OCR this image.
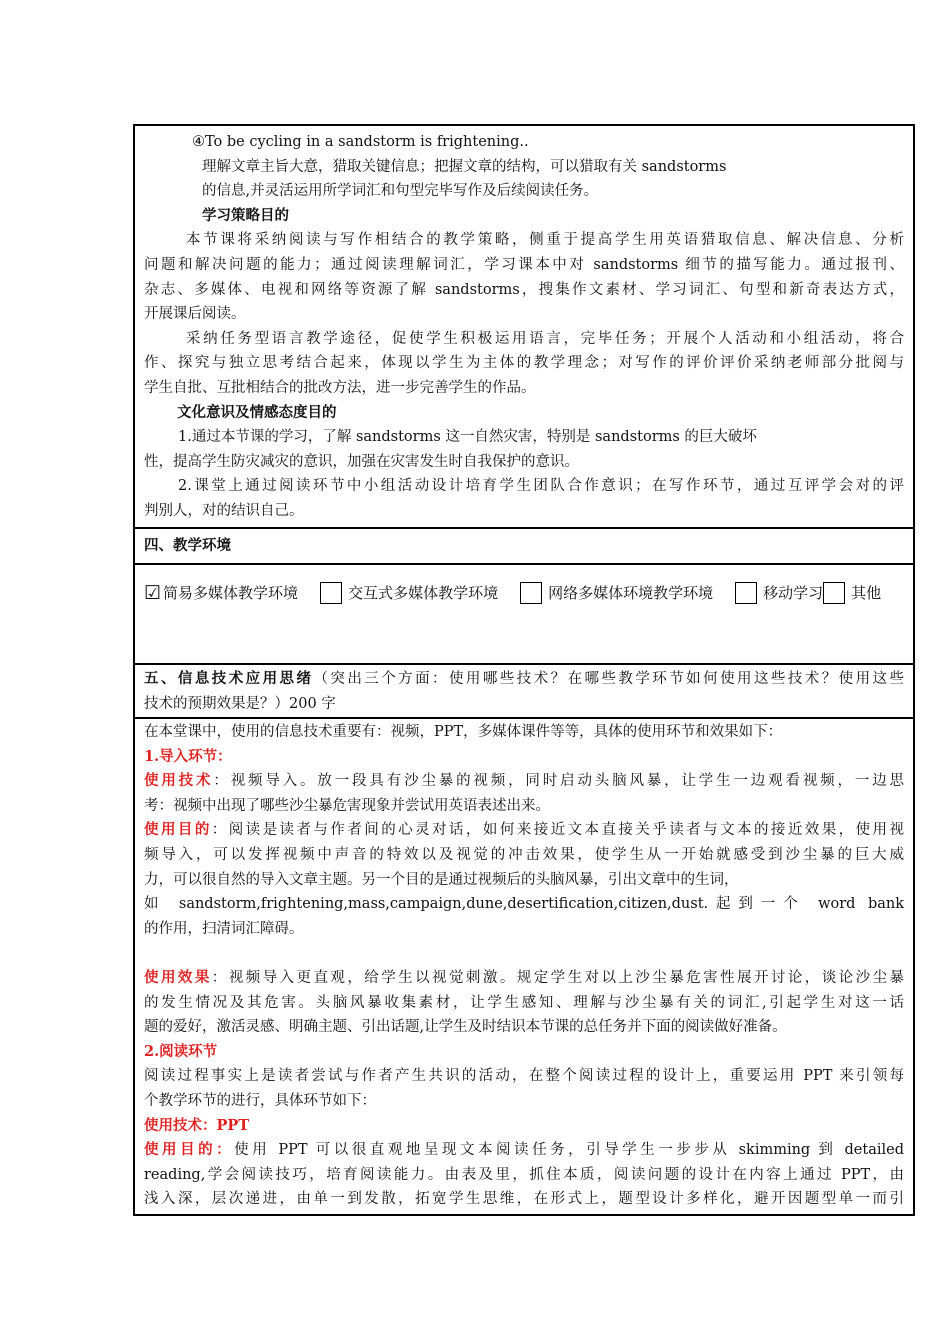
④To be cycling in a sandstorm is frightening..
理解文章主旨大意，猎取关键信息；把握文章的结构，可以猎取有关 sandstorms
的信息,并灵活运用所学词汇和句型完毕写作及后续阅读任务。
学习策略目的
本节课将采纳阅读与写作相结合的教学策略，侧重于提高学生用英语猎取信息、解决信息、分析
问题和解决问题的能力；通过阅读理解词汇，学习课本中对 sandstorms 细节的描写能力。通过报刊、
杂志、多媒体、电视和网络等资源了解 sandstorms，搜集作文素材、学习词汇、句型和新奇表达方式，
开展课后阅读。
采纳任务型语言教学途径，促使学生积极运用语言，完毕任务；开展个人活动和小组活动，将合
作、探究与独立思考结合起来，体现以学生为主体的教学理念；对写作的评价评价采纳老师部分批阅与
学生自批、互批相结合的批改方法，进一步完善学生的作品。
文化意识及情感态度目的
1.通过本节课的学习，了解 sandstorms 这一自然灾害，特别是 sandstorms 的巨大破坏
性，提高学生防灾减灾的意识，加强在灾害发生时自我保护的意识。
2.课堂上通过阅读环节中小组活动设计培育学生团队合作意识；在写作环节，通过互评学会对的评
判别人，对的结识自己。
四、教学环境
☑ 简易多媒体教学环境	交互式多媒体教学环境	网络多媒体环境教学环境	移动学习 其他
五、信息技术应用思绪（突出三个方面：使用哪些技术？在哪些教学环节如何使用这些技术？使用这些
技术的预期效果是？）200 字
在本堂课中，使用的信息技术重要有：视频，PPT，多媒体课件等等，具体的使用环节和效果如下：
1.导入环节：
使用技术：视频导入。放一段具有沙尘暴的视频，同时启动头脑风暴，让学生一边观看视频，一边思
考：视频中出现了哪些沙尘暴危害现象并尝试用英语表述出来。
使用目的：阅读是读者与作者间的心灵对话，如何来接近文本直接关乎读者与文本的接近效果，使用视
频导入，可以发挥视频中声音的特效以及视觉的冲击效果，使学生从一开始就感受到沙尘暴的巨大威
力，可以很自然的导入文章主题。另一个目的是通过视频后的头脑风暴，引出文章中的生词，
如 sandstorm,frightening,mass,campaign,dune,desertification,citizen,dust.起到一个 word bank
的作用，扫清词汇障碍。

使用效果：视频导入更直观，给学生以视觉刺激。规定学生对以上沙尘暴危害性展开讨论，谈论沙尘暴
的发生情况及其危害。头脑风暴收集素材，让学生感知、理解与沙尘暴有关的词汇,引起学生对这一话
题的爱好，激活灵感、明确主题、引出话题,让学生及时结识本节课的总任务并下面的阅读做好准备。
2.阅读环节
阅读过程事实上是读者尝试与作者产生共识的活动，在整个阅读过程的设计上，重要运用 PPT 来引领每
个教学环节的进行，具体环节如下：
使用技术：PPT
使用目的：使用 PPT 可以很直观地呈现文本阅读任务，引导学生一步步从 skimming 到 detailed
reading,学会阅读技巧，培育阅读能力。由表及里，抓住本质，阅读问题的设计在内容上通过 PPT，由
浅入深，层次递进，由单一到发散，拓宽学生思维，在形式上，题型设计多样化，避开因题型单一而引
